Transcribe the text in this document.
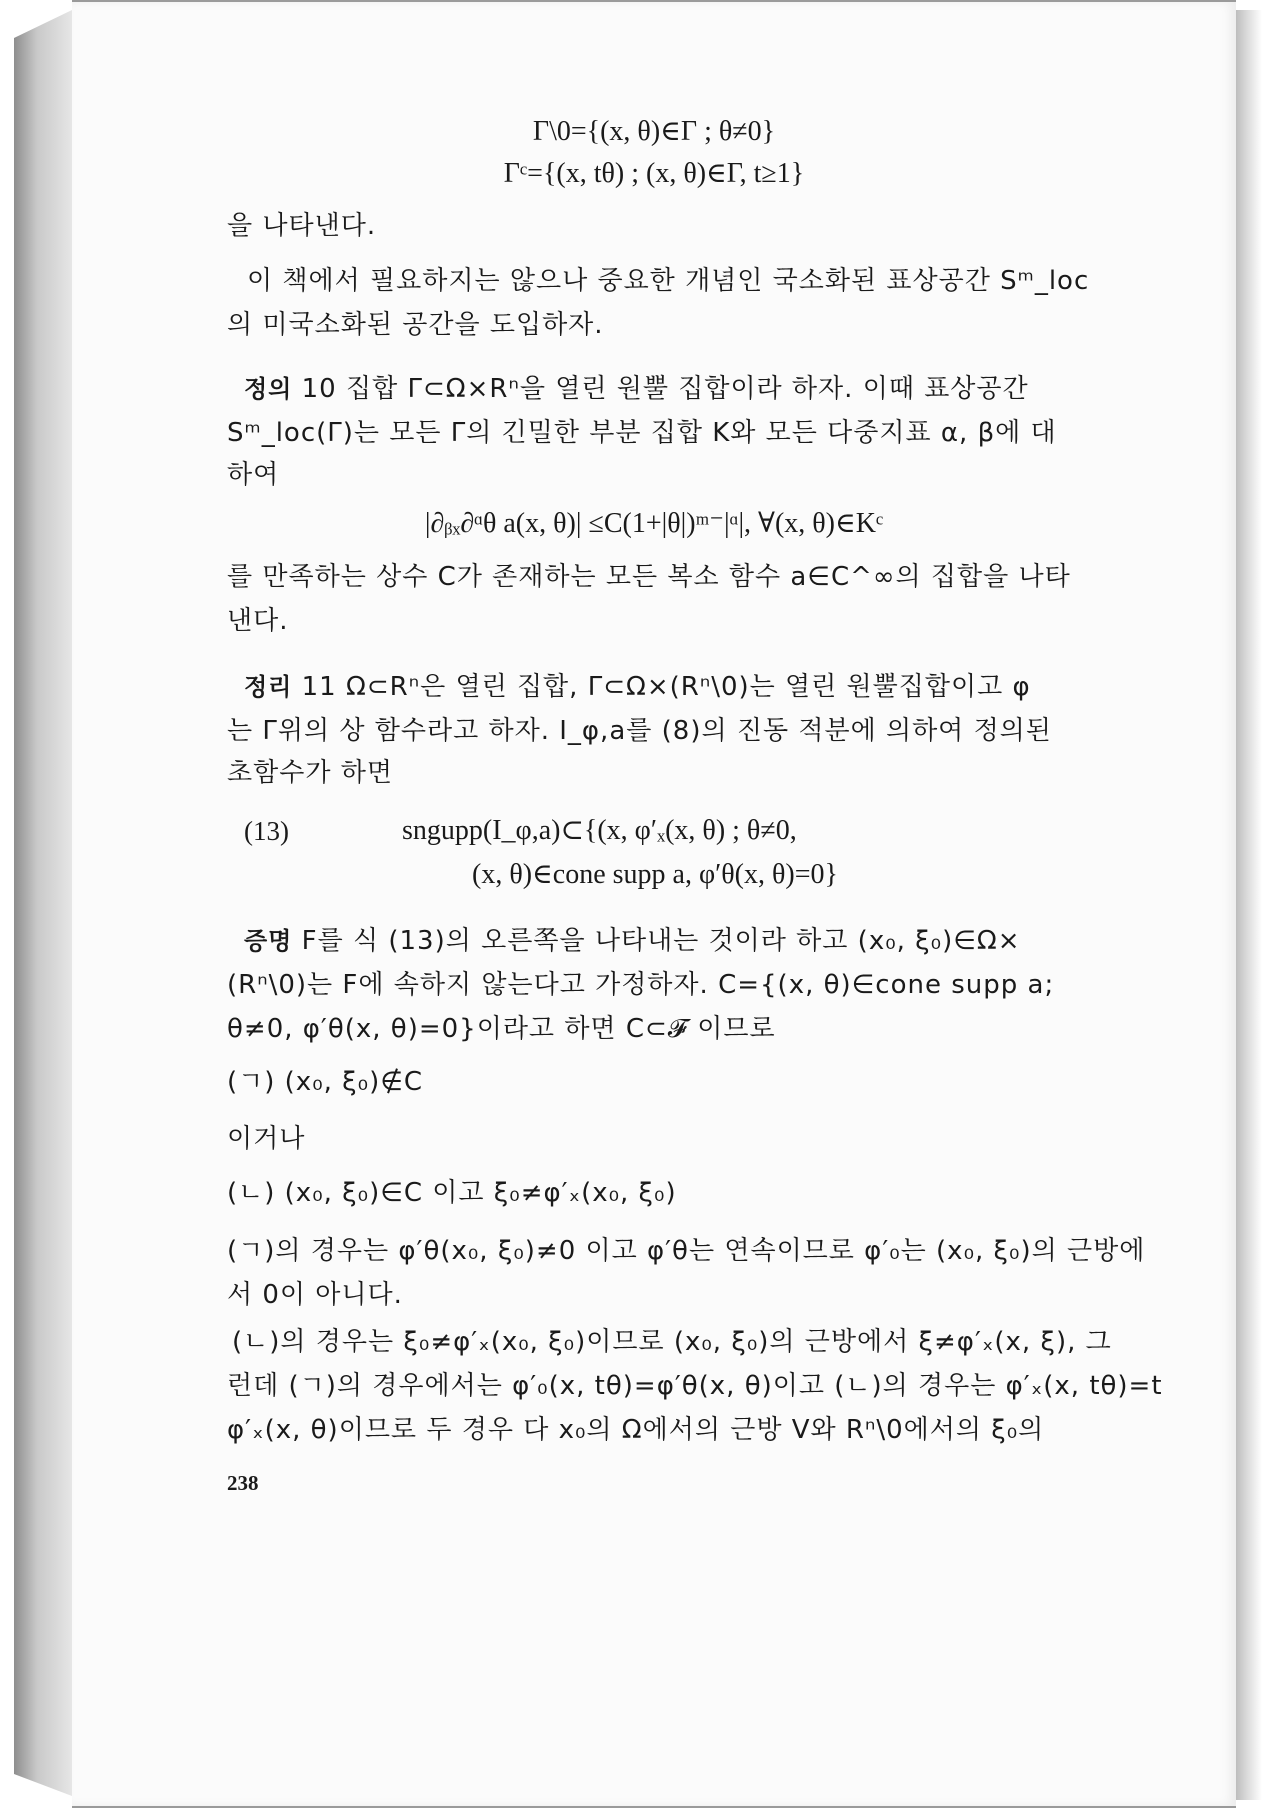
Γ\0={(x, θ)∈Γ ; θ≠0}
Γᶜ={(x, tθ) ; (x, θ)∈Γ, t≥1}
을 나타낸다.
이 책에서 필요하지는 않으나 중요한 개념인 국소화된 표상공간 Sᵐ_loc
의 미국소화된 공간을 도입하자.
정의 10 집합 Γ⊂Ω×Rⁿ을 열린 원뿔 집합이라 하자. 이때 표상공간
Sᵐ_loc(Γ)는 모든 Γ의 긴밀한 부분 집합 K와 모든 다중지표 α, β에 대
하여
|∂ᵦₓ∂ᵅθ a(x, θ)| ≤C(1+|θ|)ᵐ⁻|ᵅ|, ∀(x, θ)∈Kᶜ
를 만족하는 상수 C가 존재하는 모든 복소 함수 a∈C^∞의 집합을 나타
낸다.
정리 11 Ω⊂Rⁿ은 열린 집합, Γ⊂Ω×(Rⁿ\0)는 열린 원뿔집합이고 φ
는 Γ위의 상 함수라고 하자. I_φ,a를 (8)의 진동 적분에 의하여 정의된
초함수가 하면
(13)	sngupp(I_φ,a)⊂{(x, φ′ₓ(x, θ) ; θ≠0,
(x, θ)∈cone supp a, φ′θ(x, θ)=0}
증명 F를 식 (13)의 오른쪽을 나타내는 것이라 하고 (x₀, ξ₀)∈Ω×
(Rⁿ\0)는 F에 속하지 않는다고 가정하자. C={(x, θ)∈cone supp a;
θ≠0, φ′θ(x, θ)=0}이라고 하면 C⊂𝓕 이므로
(ㄱ) (x₀, ξ₀)∉C
이거나
(ㄴ) (x₀, ξ₀)∈C 이고 ξ₀≠φ′ₓ(x₀, ξ₀)
(ㄱ)의 경우는 φ′θ(x₀, ξ₀)≠0 이고 φ′θ는 연속이므로 φ′₀는 (x₀, ξ₀)의 근방에
서 0이 아니다.
(ㄴ)의 경우는 ξ₀≠φ′ₓ(x₀, ξ₀)이므로 (x₀, ξ₀)의 근방에서 ξ≠φ′ₓ(x, ξ), 그
런데 (ㄱ)의 경우에서는 φ′₀(x, tθ)=φ′θ(x, θ)이고 (ㄴ)의 경우는 φ′ₓ(x, tθ)=t
φ′ₓ(x, θ)이므로 두 경우 다 x₀의 Ω에서의 근방 V와 Rⁿ\0에서의 ξ₀의
238
